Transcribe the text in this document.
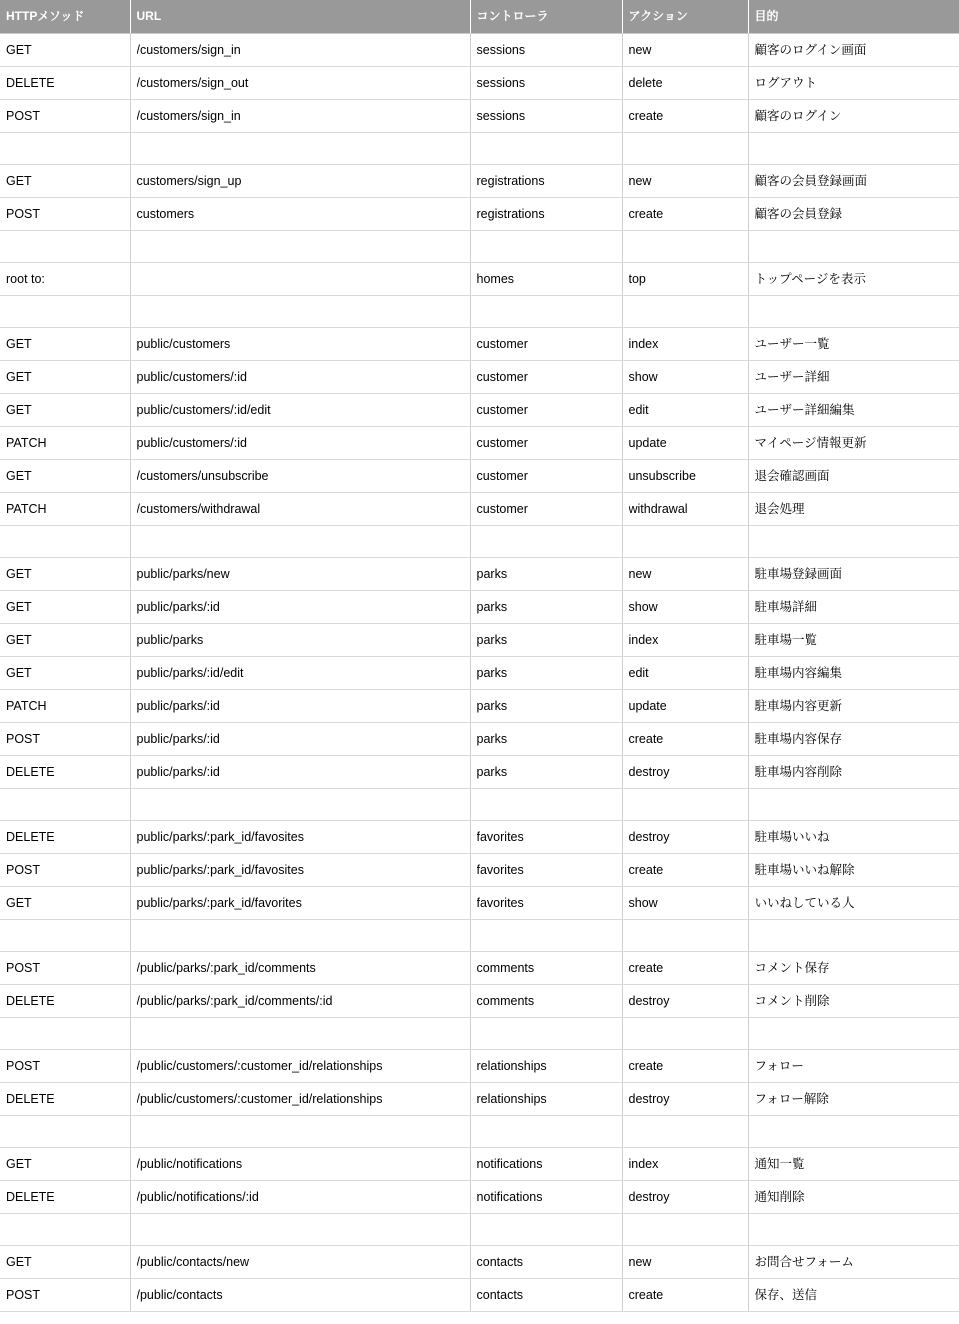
HTTPメソッド	URL	コントローラ	アクション	目的

GET	/customers/sign_in	sessions	new	顧客のログイン画面

DELETE	/customers/sign_out	sessions	delete	ログアウト

POST	/customers/sign_in	sessions	create	顧客のログイン

GET	customers/sign_up	registrations	new	顧客の会員登録画面

POST	customers	registrations	create	顧客の会員登録

root to:		homes	top	トップページを表示

GET	public/customers	customer	index	ユーザー一覧

GET	public/customers/:id	customer	show	ユーザー詳細

GET	public/customers/:id/edit	customer	edit	ユーザー詳細編集

PATCH	public/customers/:id	customer	update	マイページ情報更新

GET	/customers/unsubscribe	customer	unsubscribe	退会確認画面

PATCH	/customers/withdrawal	customer	withdrawal	退会処理

GET	public/parks/new	parks	new	駐車場登録画面

GET	public/parks/:id	parks	show	駐車場詳細

GET	public/parks	parks	index	駐車場一覧

GET	public/parks/:id/edit	parks	edit	駐車場内容編集

PATCH	public/parks/:id	parks	update	駐車場内容更新

POST	public/parks/:id	parks	create	駐車場内容保存

DELETE	public/parks/:id	parks	destroy	駐車場内容削除

DELETE	public/parks/:park_id/favosites	favorites	destroy	駐車場いいね

POST	public/parks/:park_id/favosites	favorites	create	駐車場いいね解除

GET	public/parks/:park_id/favorites	favorites	show	いいねしている人

POST	/public/parks/:park_id/comments	comments	create	コメント保存

DELETE	/public/parks/:park_id/comments/:id	comments	destroy	コメント削除

POST	/public/customers/:customer_id/relationships	relationships	create	フォロー

DELETE	/public/customers/:customer_id/relationships	relationships	destroy	フォロー解除

GET	/public/notifications	notifications	index	通知一覧

DELETE	/public/notifications/:id	notifications	destroy	通知削除

GET	/public/contacts/new	contacts	new	お問合せフォーム

POST	/public/contacts	contacts	create	保存、送信
